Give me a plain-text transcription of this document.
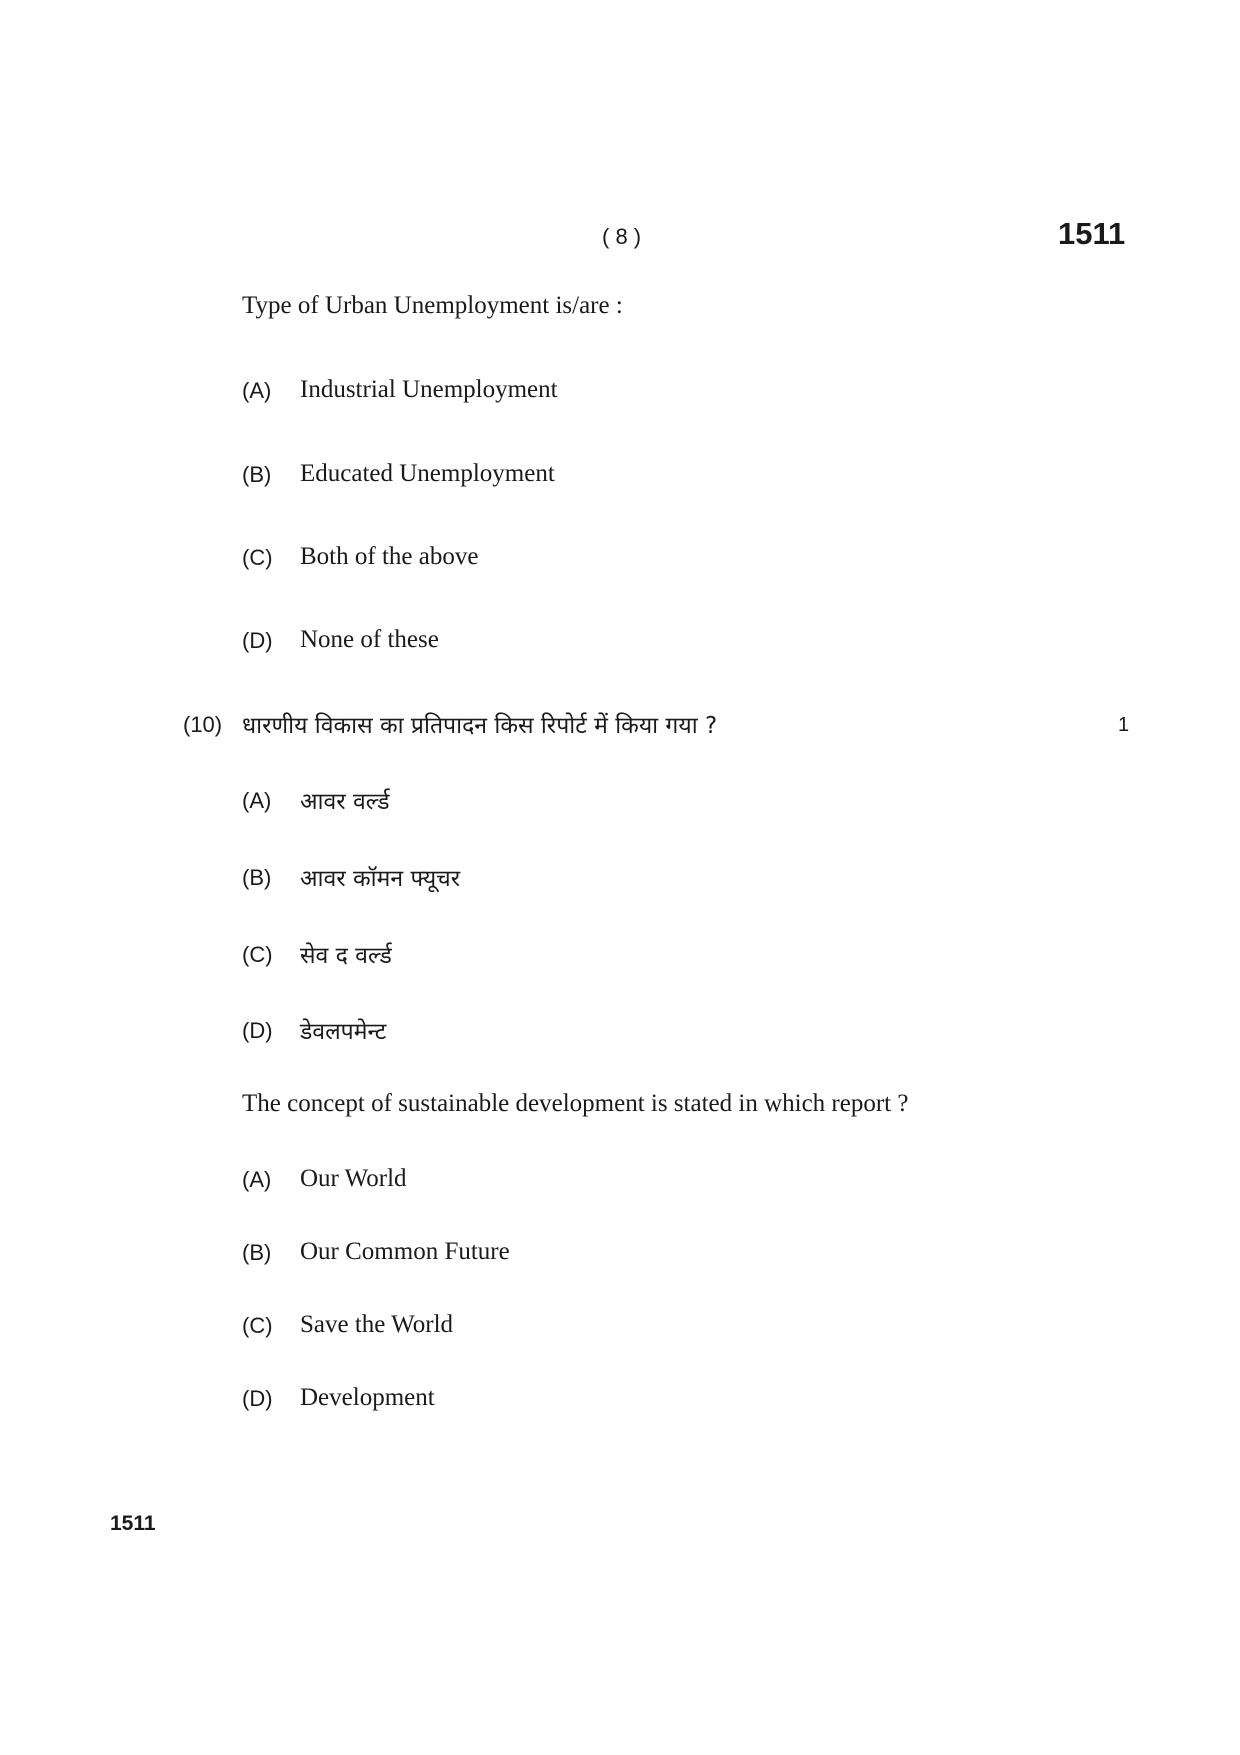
( 8 )	1511
Type of Urban Unemployment is/are :
(A) Industrial Unemployment
(B) Educated Unemployment
(C) Both of the above
(D) None of these
(10) धारणीय विकास का प्रतिपादन किस रिपोर्ट में किया गया ?	1
(A) आवर वर्ल्ड
(B) आवर कॉमन फ्यूचर
(C) सेव द वर्ल्ड
(D) डेवलपमेन्ट
The concept of sustainable development is stated in which report ?
(A) Our World
(B) Our Common Future
(C) Save the World
(D) Development
1511
